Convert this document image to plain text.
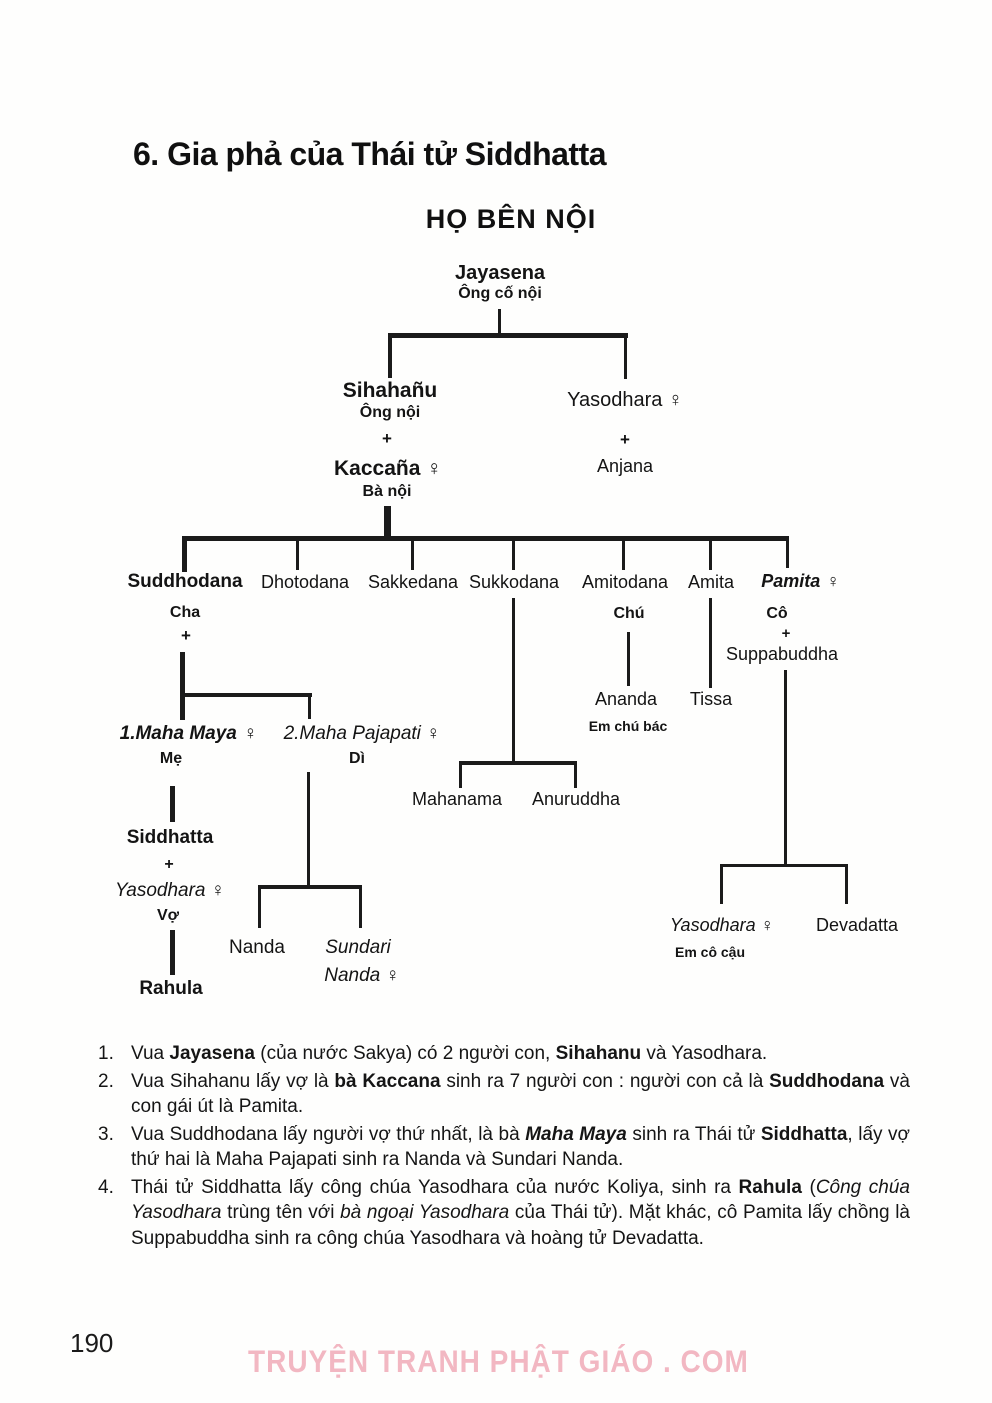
6. Gia phả của Thái tử Siddhatta
HỌ BÊN NỘI
Jayasena
Ông cố nội
Sihahañu
Ông nội
+
Kaccaña ♀
Bà nội
Yasodhara ♀
+
Anjana
Suddhodana
Cha
+
Dhotodana Sakkedana Sukkodana Amitodana
Chú
Amita Pamita ♀
Cô
+
Suppabuddha
1.Maha Maya ♀
Mẹ
2.Maha Pajapati ♀
Dì
Siddhatta
+
Yasodhara ♀
Vợ
Rahula
Nanda Sundari
Nanda ♀
Mahanama Anuruddha
Ananda
Em chú bác
Tissa
Yasodhara ♀
Em cô cậu
Devadatta
1. Vua Jayasena (của nước Sakya) có 2 người con, Sihahanu và Yasodhara.

2. Vua Sihahanu lấy vợ là bà Kaccana sinh ra 7 người con : người con cả là Suddhodana và con gái út là Pamita.

3. Vua Suddhodana lấy người vợ thứ nhất, là bà Maha Maya sinh ra Thái tử Siddhatta, lấy vợ thứ hai là Maha Pajapati sinh ra Nanda và Sundari Nanda.

4. Thái tử Siddhatta lấy công chúa Yasodhara của nước Koliya, sinh ra Rahula (Công chúa Yasodhara trùng tên với bà ngoại Yasodhara của Thái tử). Mặt khác, cô Pamita lấy chồng là Suppabuddha sinh ra công chúa Yasodhara và hoàng tử Devadatta.

190
TRUYỆN TRANH PHẬT GIÁO . COM
